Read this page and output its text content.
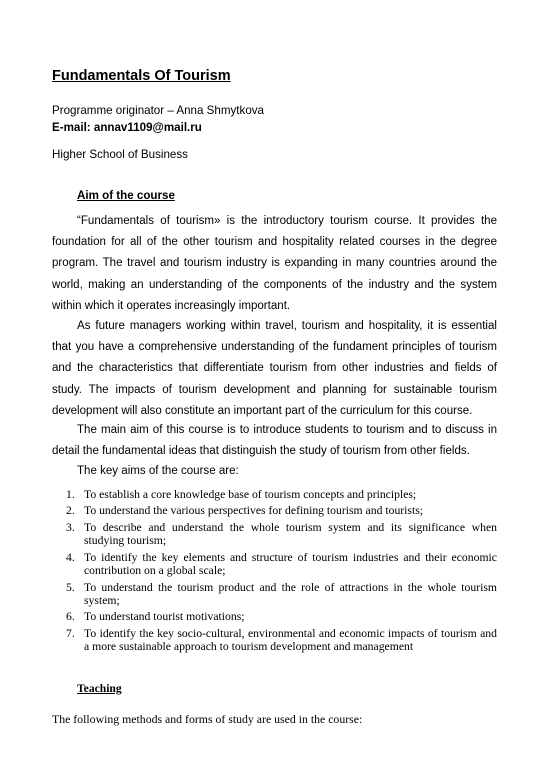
Fundamentals Of Tourism

Programme originator – Anna Shmytkova

E-mail: annav1109@mail.ru

Higher School of Business

Aim of the course

“Fundamentals of tourism» is the introductory tourism course. It provides the foundation for all of the other tourism and hospitality related courses in the degree program. The travel and tourism industry is expanding in many countries around the world, making an understanding of the components of the industry and the system within which it operates increasingly important.

As future managers working within travel, tourism and hospitality, it is essential that you have a comprehensive understanding of the fundament principles of tourism and the characteristics that differentiate tourism from other industries and fields of study. The impacts of tourism development and planning for sustainable tourism development will also constitute an important part of the curriculum for this course.

The main aim of this course is to introduce students to tourism and to discuss in detail the fundamental ideas that distinguish the study of tourism from other fields.

The key aims of the course are:

1. To establish a core knowledge base of tourism concepts and principles;
2. To understand the various perspectives for defining tourism and tourists;
3. To describe and understand the whole tourism system and its significance when studying tourism;
4. To identify the key elements and structure of tourism industries and their economic contribution on a global scale;
5. To understand the tourism product and the role of attractions in the whole tourism system;
6. To understand tourist motivations;
7. To identify the key socio-cultural, environmental and economic impacts of tourism and a more sustainable approach to tourism development and management
Teaching

The following methods and forms of study are used in the course:
